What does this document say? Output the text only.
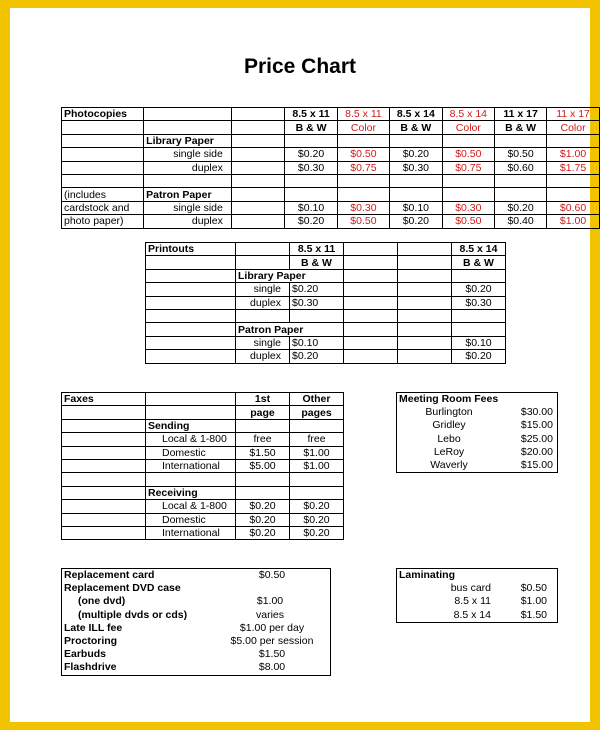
Price Chart
Photocopies			8.5 x 11	8.5 x 11	8.5 x 14	8.5 x 14	11 x 17	11 x 17
			B & W	Color	B & W	Color	B & W	Color
	Library Paper							
	single side		$0.20	$0.50	$0.20	$0.50	$0.50	$1.00
	duplex		$0.30	$0.75	$0.30	$0.75	$0.60	$1.75

(includes	Patron Paper							
cardstock and	single side		$0.10	$0.30	$0.10	$0.30	$0.20	$0.60
photo paper)	duplex		$0.20	$0.50	$0.20	$0.50	$0.40	$1.00
Printouts		8.5 x 11			8.5 x 14
		B & W			B & W
	Library Paper				
	single	$0.20			$0.20
	duplex	$0.30			$0.30

	Patron Paper				
	single	$0.10			$0.10
	duplex	$0.20			$0.20
Faxes		1st	Other
		page	pages
	Sending		
	Local & 1-800	free	free
	Domestic	$1.50	$1.00
	International	$5.00	$1.00

	Receiving		
	Local & 1-800	$0.20	$0.20
	Domestic	$0.20	$0.20
	International	$0.20	$0.20
Meeting Room Fees
Burlington	$30.00
Gridley	$15.00
Lebo	$25.00
LeRoy	$20.00
Waverly	$15.00
Replacement card	$0.50
Replacement DVD case
(one dvd)	$1.00
(multiple dvds or cds)	varies
Late ILL fee	$1.00 per day
Proctoring	$5.00 per session
Earbuds	$1.50
Flashdrive	$8.00
Laminating
bus card	$0.50
8.5 x 11	$1.00
8.5 x 14	$1.50
